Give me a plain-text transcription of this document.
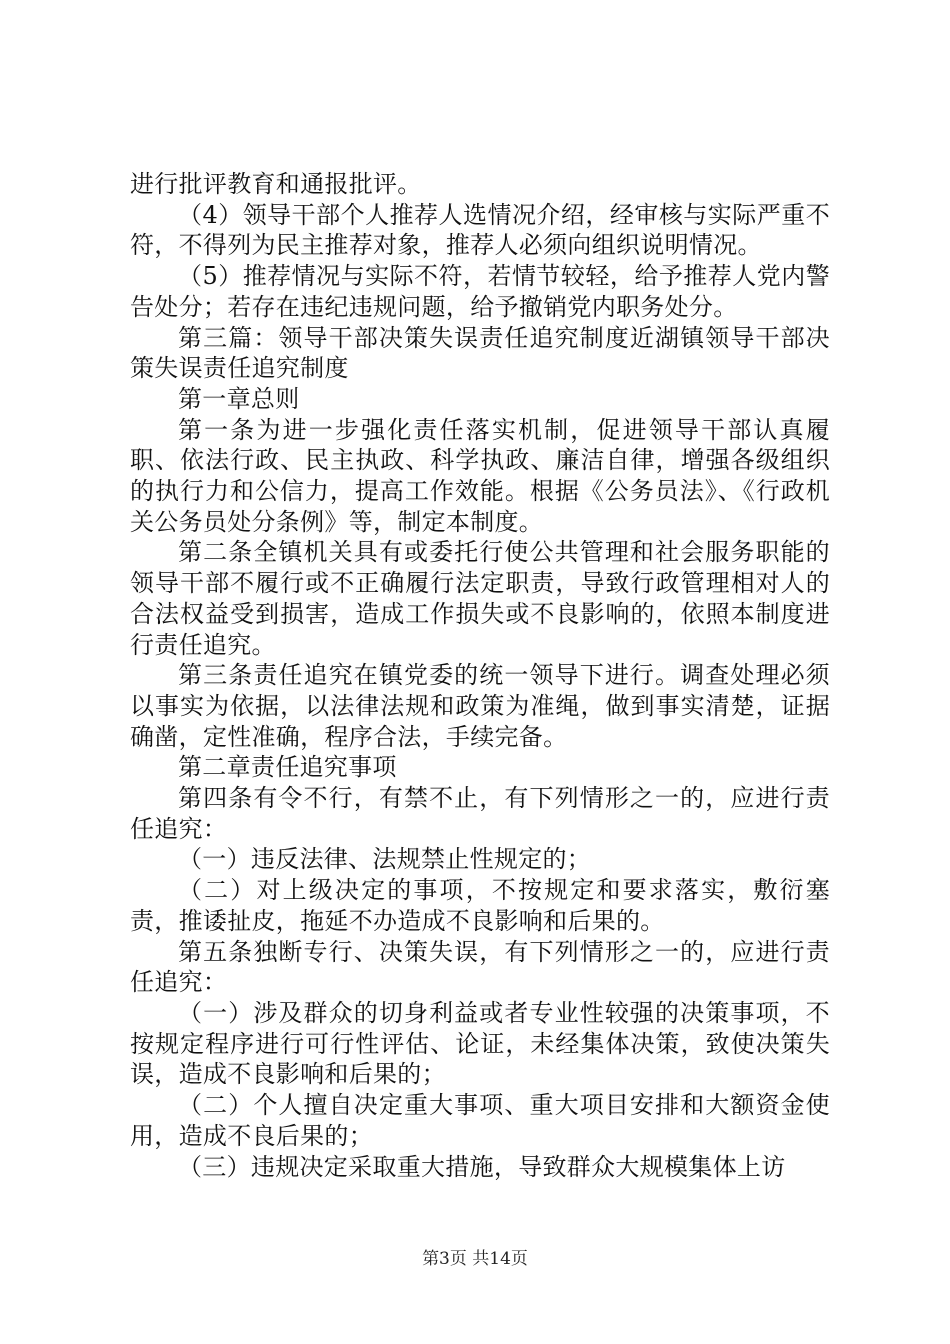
进行批评教育和通报批评。

（4）领导干部个人推荐人选情况介绍，经审核与实际严重不符，不得列为民主推荐对象，推荐人必须向组织说明情况。

（5）推荐情况与实际不符，若情节较轻，给予推荐人党内警告处分；若存在违纪违规问题，给予撤销党内职务处分。

第三篇：领导干部决策失误责任追究制度近湖镇领导干部决策失误责任追究制度

第一章总则

第一条为进一步强化责任落实机制，促进领导干部认真履职、依法行政、民主执政、科学执政、廉洁自律，增强各级组织的执行力和公信力，提高工作效能。根据《公务员法》、《行政机关公务员处分条例》等，制定本制度。

第二条全镇机关具有或委托行使公共管理和社会服务职能的领导干部不履行或不正确履行法定职责，导致行政管理相对人的合法权益受到损害，造成工作损失或不良影响的，依照本制度进行责任追究。

第三条责任追究在镇党委的统一领导下进行。调查处理必须以事实为依据，以法律法规和政策为准绳，做到事实清楚，证据确凿，定性准确，程序合法，手续完备。

第二章责任追究事项

第四条有令不行，有禁不止，有下列情形之一的，应进行责任追究：

（一）违反法律、法规禁止性规定的；

（二）对上级决定的事项，不按规定和要求落实，敷衍塞责，推诿扯皮，拖延不办造成不良影响和后果的。

第五条独断专行、决策失误，有下列情形之一的，应进行责任追究：

（一）涉及群众的切身利益或者专业性较强的决策事项，不按规定程序进行可行性评估、论证，未经集体决策，致使决策失误，造成不良影响和后果的；

（二）个人擅自决定重大事项、重大项目安排和大额资金使用，造成不良后果的；

（三）违规决定采取重大措施，导致群众大规模集体上访

第3页 共14页
